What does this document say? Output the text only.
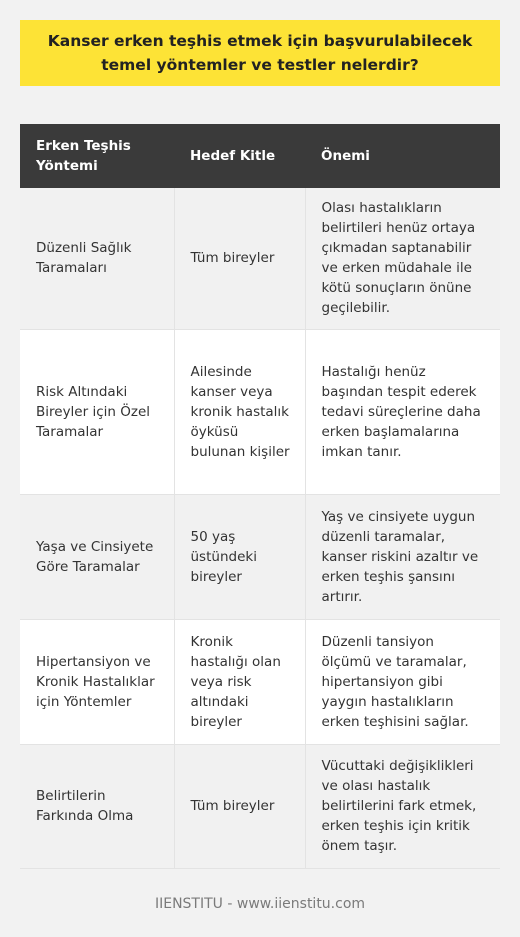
Kanser erken teşhis etmek için başvurulabilecek temel yöntemler ve testler nelerdir?
Erken Teşhis Yöntemi	Hedef Kitle	Önemi
Düzenli Sağlık Taramaları	Tüm bireyler	Olası hastalıkların belirtileri henüz ortaya çıkmadan saptanabilir ve erken müdahale ile kötü sonuçların önüne geçilebilir.
Risk Altındaki Bireyler için Özel Taramalar	Ailesinde kanser veya kronik hastalık öyküsü bulunan kişiler	Hastalığı henüz başından tespit ederek tedavi süreçlerine daha erken başlamalarına imkan tanır.
Yaşa ve Cinsiyete Göre Taramalar	50 yaş üstündeki bireyler	Yaş ve cinsiyete uygun düzenli taramalar, kanser riskini azaltır ve erken teşhis şansını artırır.
Hipertansiyon ve Kronik Hastalıklar için Yöntemler	Kronik hastalığı olan veya risk altındaki bireyler	Düzenli tansiyon ölçümü ve taramalar, hipertansiyon gibi yaygın hastalıkların erken teşhisini sağlar.
Belirtilerin Farkında Olma	Tüm bireyler	Vücuttaki değişiklikleri ve olası hastalık belirtilerini fark etmek, erken teşhis için kritik önem taşır.
IIENSTITU - www.iienstitu.com
